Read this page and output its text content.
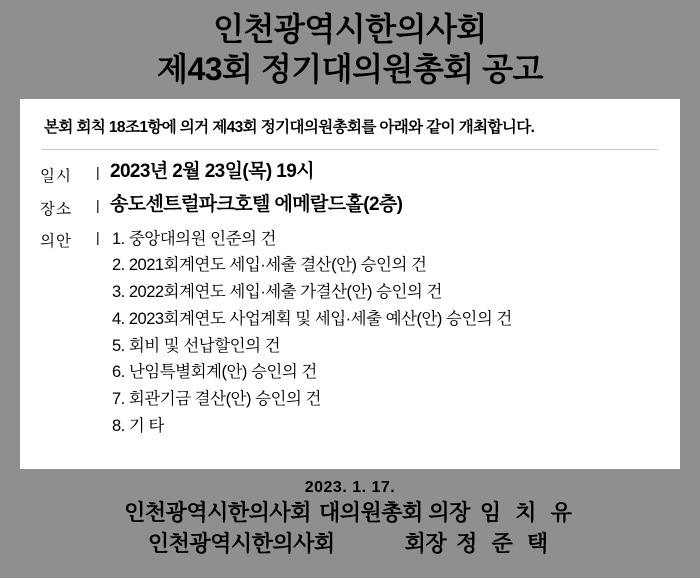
인천광역시한의사회
제43회 정기대의원총회 공고
본회 회칙 18조1항에 의거 제43회 정기대의원총회를 아래와 같이 개최합니다.
일시	| 2023년 2월 23일(목) 19시
장소	| 송도센트럴파크호텔 에메랄드홀(2층)
의안	| 1. 중앙대의원 인준의 건
2. 2021회계연도 세입·세출 결산(안) 승인의 건
3. 2022회계연도 세입·세출 가결산(안) 승인의 건
4. 2023회계연도 사업계획 및 세입·세출 예산(안) 승인의 건
5. 회비 및 선납할인의 건
6. 난임특별회계(안) 승인의 건
7. 회관기금 결산(안) 승인의 건
8. 기 타
2023. 1. 17.
인천광역시한의사회 대의원총회 의장 임 치 유
인천광역시한의사회	회장 정 준 택
